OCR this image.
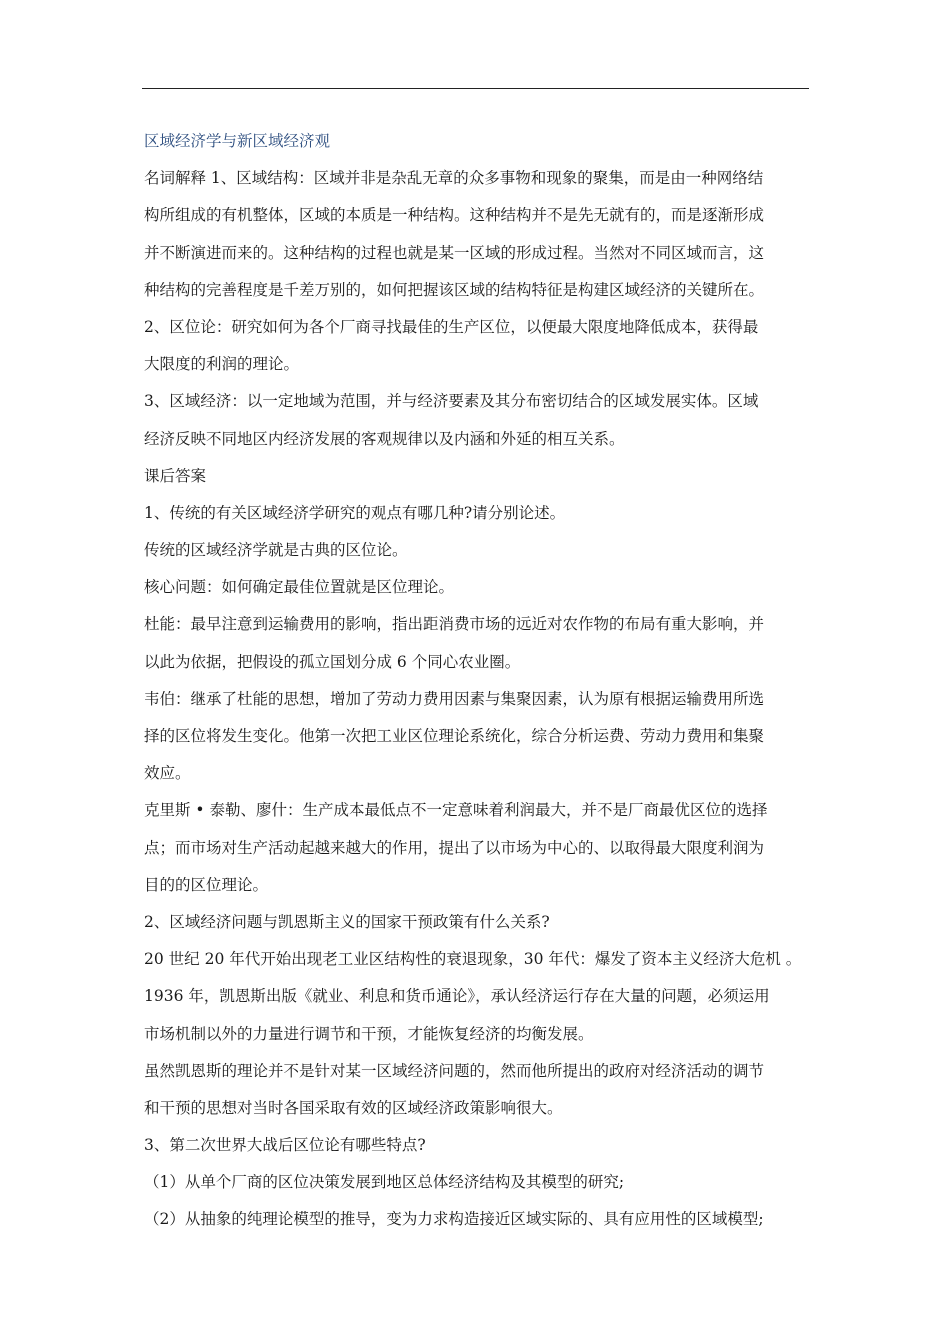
区域经济学与新区域经济观
名词解释 1、区域结构：区域并非是杂乱无章的众多事物和现象的聚集，而是由一种网络结
构所组成的有机整体，区域的本质是一种结构。这种结构并不是先无就有的，而是逐渐形成
并不断演进而来的。这种结构的过程也就是某一区域的形成过程。当然对不同区域而言，这
种结构的完善程度是千差万别的，如何把握该区域的结构特征是构建区域经济的关键所在。
2、区位论：研究如何为各个厂商寻找最佳的生产区位，以便最大限度地降低成本，获得最
大限度的利润的理论。
3、区域经济：以一定地域为范围，并与经济要素及其分布密切结合的区域发展实体。区域
经济反映不同地区内经济发展的客观规律以及内涵和外延的相互关系。
课后答案
1、传统的有关区域经济学研究的观点有哪几种?请分别论述。
传统的区域经济学就是古典的区位论。
核心问题：如何确定最佳位置就是区位理论。
杜能：最早注意到运输费用的影响，指出距消费市场的远近对农作物的布局有重大影响，并
以此为依据，把假设的孤立国划分成 6 个同心农业圈。
韦伯：继承了杜能的思想，增加了劳动力费用因素与集聚因素，认为原有根据运输费用所选
择的区位将发生变化。他第一次把工业区位理论系统化，综合分析运费、劳动力费用和集聚
效应。
克里斯 • 泰勒、廖什：生产成本最低点不一定意味着利润最大，并不是厂商最优区位的选择
点；而市场对生产活动起越来越大的作用，提出了以市场为中心的、以取得最大限度利润为
目的的区位理论。
2、区域经济问题与凯恩斯主义的国家干预政策有什么关系?
20 世纪 20 年代开始出现老工业区结构性的衰退现象，30 年代：爆发了资本主义经济大危机 。
1936 年，凯恩斯出版《就业、利息和货币通论》，承认经济运行存在大量的问题，必须运用
市场机制以外的力量进行调节和干预，才能恢复经济的均衡发展。
虽然凯恩斯的理论并不是针对某一区域经济问题的，然而他所提出的政府对经济活动的调节
和干预的思想对当时各国采取有效的区域经济政策影响很大。
3、第二次世界大战后区位论有哪些特点?
（1）从单个厂商的区位决策发展到地区总体经济结构及其模型的研究;
（2）从抽象的纯理论模型的推导，变为力求构造接近区域实际的、具有应用性的区域模型;
